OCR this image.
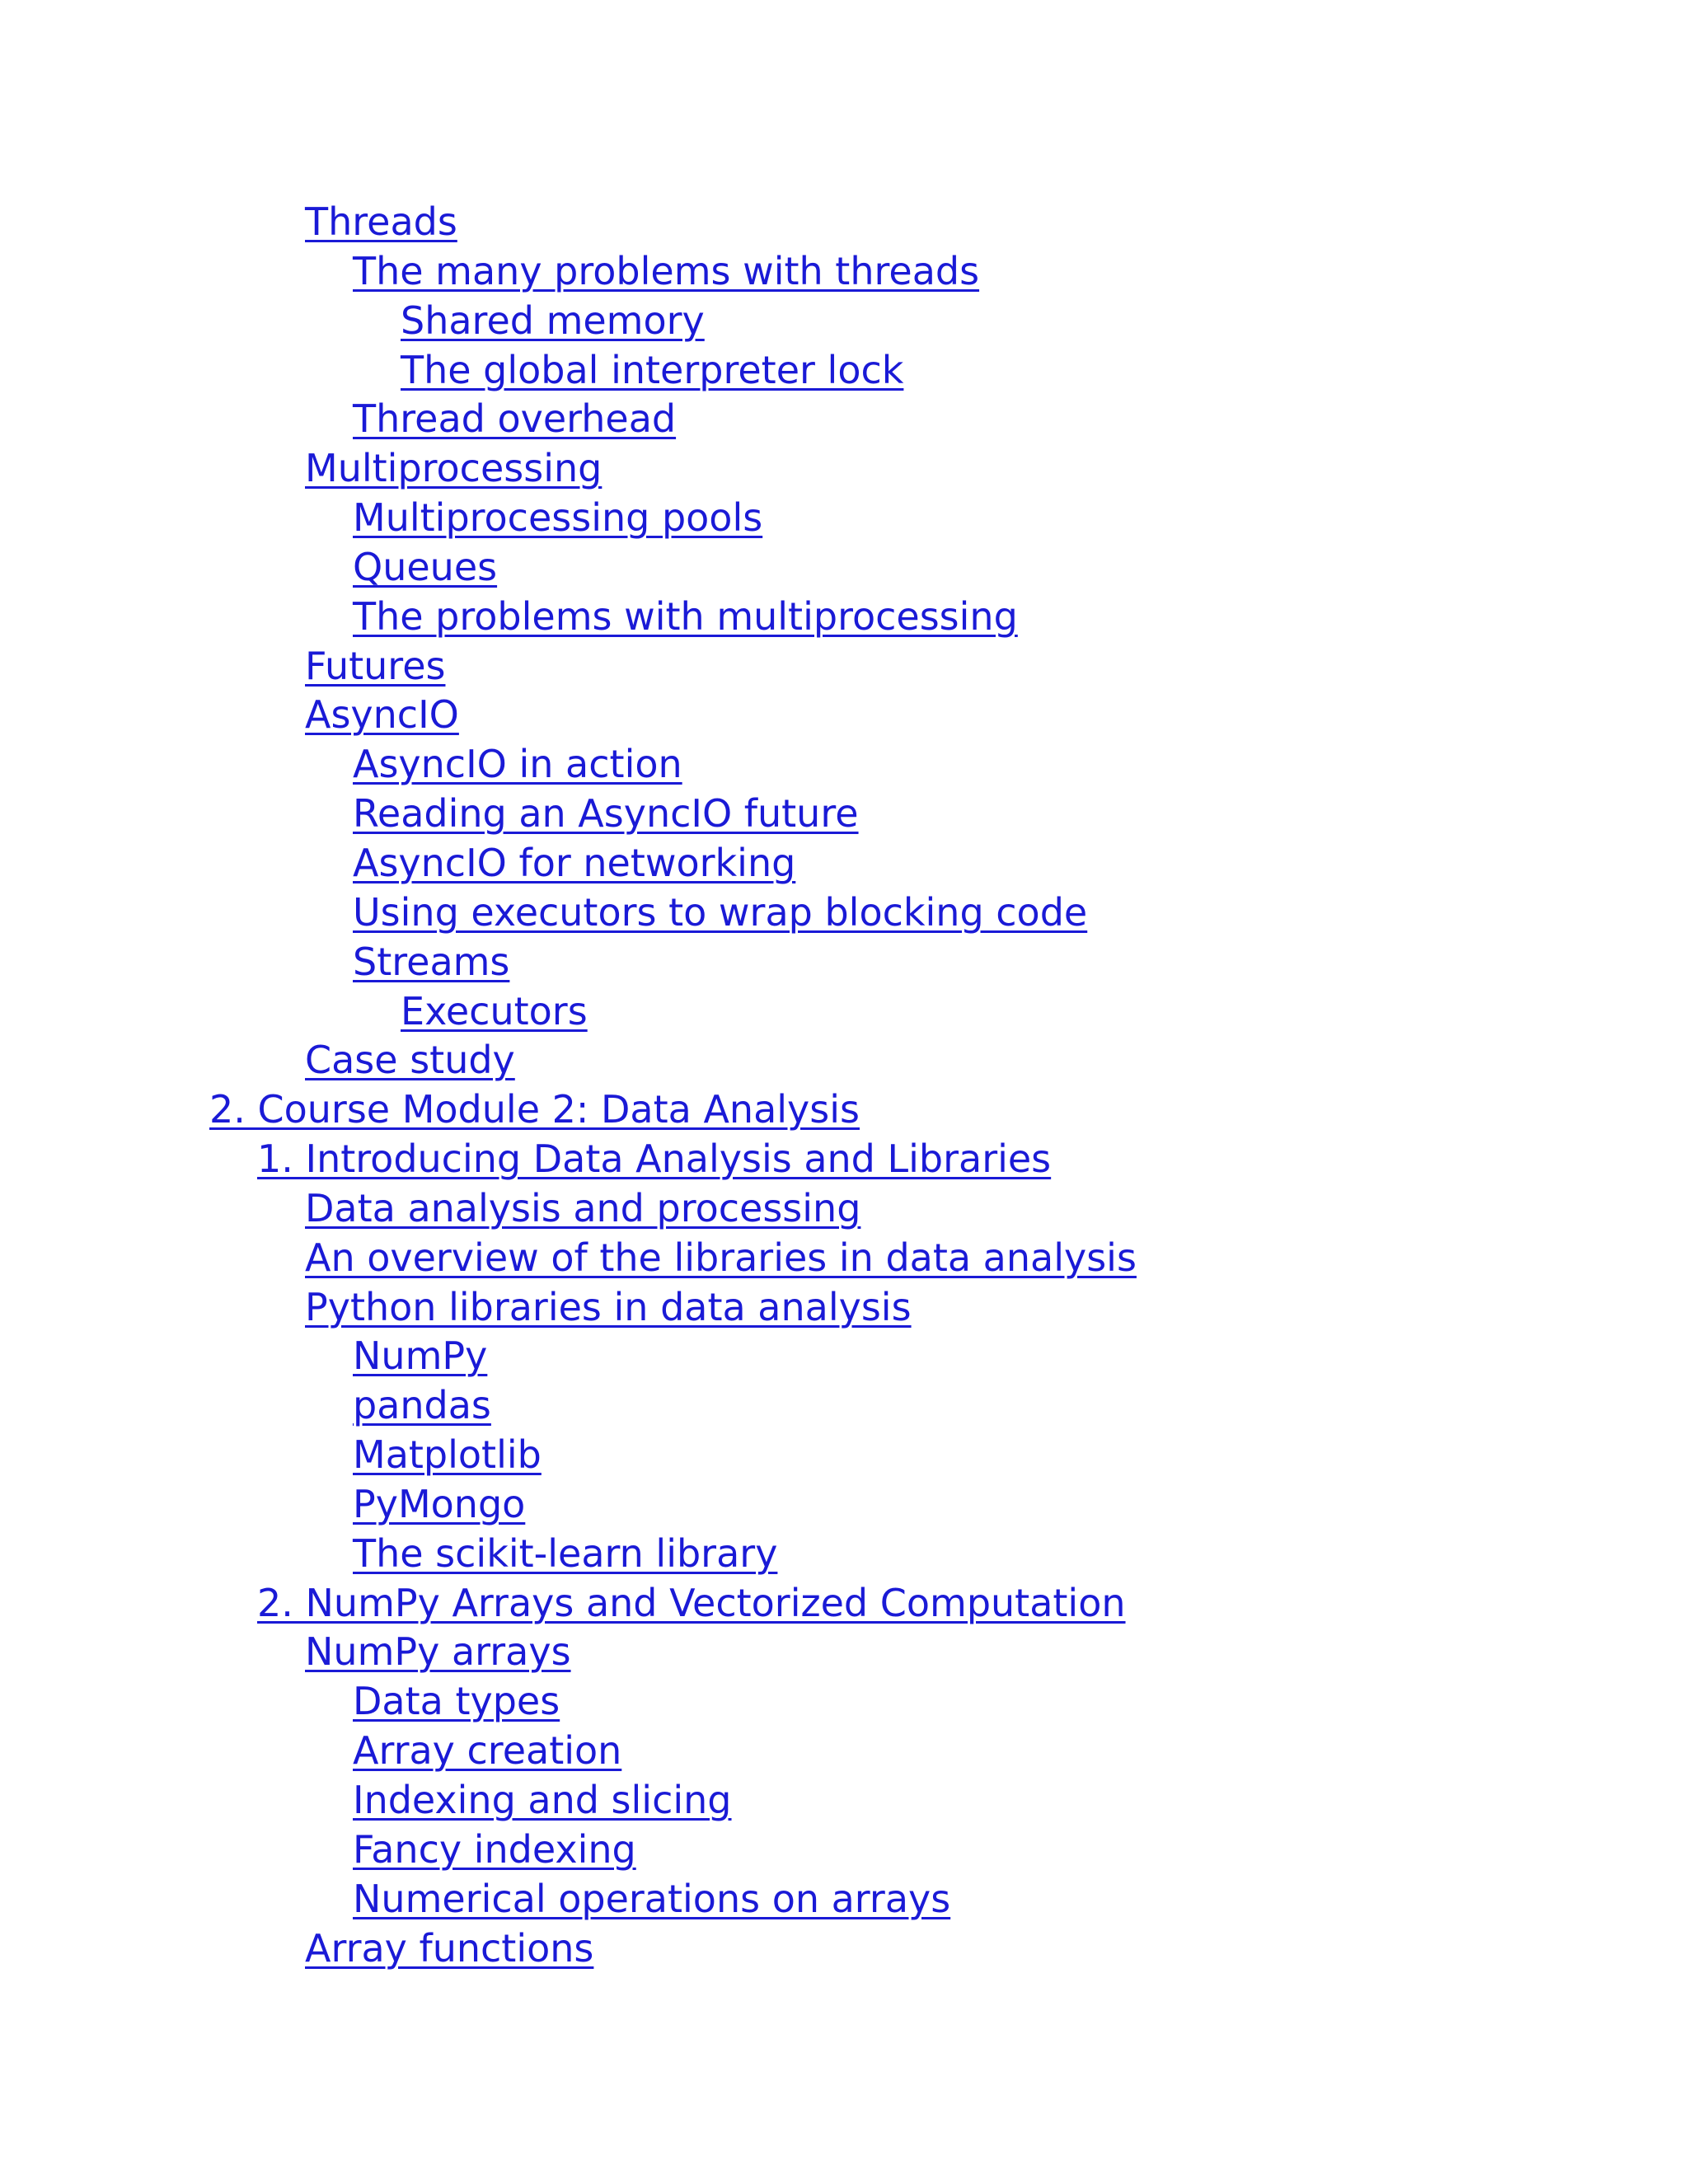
Threads
The many problems with threads
Shared memory
The global interpreter lock
Thread overhead
Multiprocessing
Multiprocessing pools
Queues
The problems with multiprocessing
Futures
AsyncIO
AsyncIO in action
Reading an AsyncIO future
AsyncIO for networking
Using executors to wrap blocking code
Streams
Executors
Case study
2. Course Module 2: Data Analysis
1. Introducing Data Analysis and Libraries
Data analysis and processing
An overview of the libraries in data analysis
Python libraries in data analysis
NumPy
pandas
Matplotlib
PyMongo
The scikit-learn library
2. NumPy Arrays and Vectorized Computation
NumPy arrays
Data types
Array creation
Indexing and slicing
Fancy indexing
Numerical operations on arrays
Array functions
